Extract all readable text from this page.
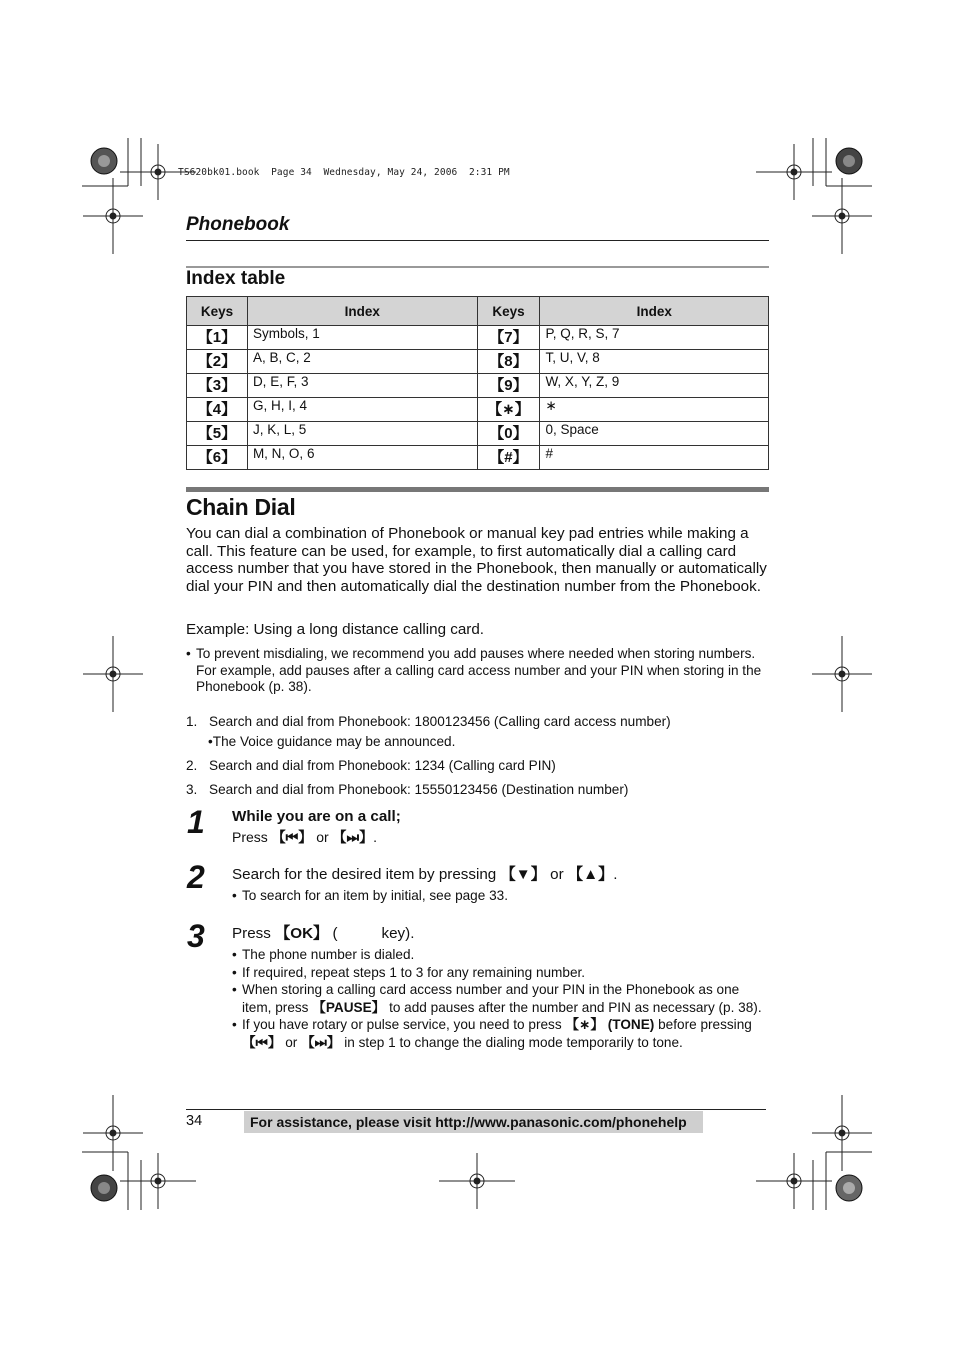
TS620bk01.book  Page 34  Wednesday, May 24, 2006  2:31 PM
Phonebook
Index table
Keys	Index	Keys	Index
【1】	Symbols, 1	【7】	P, Q, R, S, 7
【2】	A, B, C, 2	【8】	T, U, V, 8
【3】	D, E, F, 3	【9】	W, X, Y, Z, 9
【4】	G, H, I, 4	【∗】	∗
【5】	J, K, L, 5	【0】	0, Space
【6】	M, N, O, 6	【#】	#
Chain Dial
You can dial a combination of Phonebook or manual key pad entries while making a call. This feature can be used, for example, to first automatically dial a calling card access number that you have stored in the Phonebook, then manually or automatically dial your PIN and then automatically dial the destination number from the Phonebook.
Example: Using a long distance calling card.
• To prevent misdialing, we recommend you add pauses where needed when storing numbers. For example, add pauses after a calling card access number and your PIN when storing in the Phonebook (p. 38).
1. Search and dial from Phonebook: 1800123456 (Calling card access number)
•The Voice guidance may be announced.
2. Search and dial from Phonebook: 1234 (Calling card PIN)
3. Search and dial from Phonebook: 15550123456 (Destination number)
1 While you are on a call;
Press 【⏮】 or 【⏭】.
2 Search for the desired item by pressing 【▼】 or 【▲】.
• To search for an item by initial, see page 33.
3 Press 【OK】 (	key).
• The phone number is dialed.
• If required, repeat steps 1 to 3 for any remaining number.
• When storing a calling card access number and your PIN in the Phonebook as one item, press 【PAUSE】 to add pauses after the number and PIN as necessary (p. 38).
• If you have rotary or pulse service, you need to press 【∗】 (TONE) before pressing 【⏮】 or 【⏭】 in step 1 to change the dialing mode temporarily to tone.
34	For assistance, please visit http://www.panasonic.com/phonehelp
